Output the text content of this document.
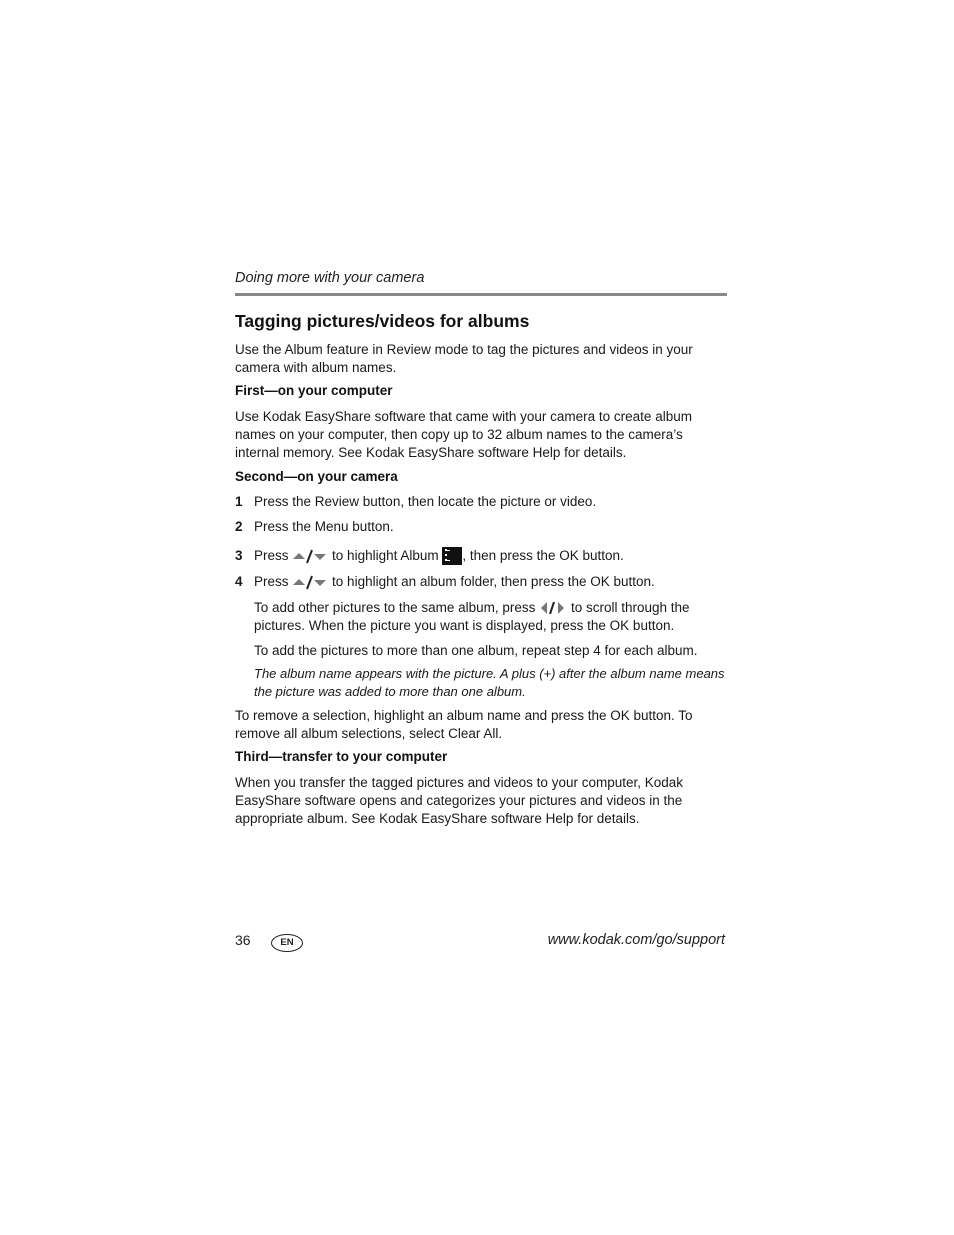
Doing more with your camera
Tagging pictures/videos for albums
Use the Album feature in Review mode to tag the pictures and videos in your camera with album names.
First—on your computer
Use Kodak EasyShare software that came with your camera to create album names on your computer, then copy up to 32 album names to the camera’s internal memory. See Kodak EasyShare software Help for details.
Second—on your camera
1 Press the Review button, then locate the picture or video.
2 Press the Menu button.
3 Press	to highlight Album , then press the OK button.
4 Press	to highlight an album folder, then press the OK button.
To add other pictures to the same album, press	to scroll through the pictures. When the picture you want is displayed, press the OK button.
To add the pictures to more than one album, repeat step 4 for each album.
The album name appears with the picture. A plus (+) after the album name means the picture was added to more than one album.
To remove a selection, highlight an album name and press the OK button. To remove all album selections, select Clear All.
Third—transfer to your computer
When you transfer the tagged pictures and videos to your computer, Kodak EasyShare software opens and categorizes your pictures and videos in the appropriate album. See Kodak EasyShare software Help for details.
36	EN	www.kodak.com/go/support
